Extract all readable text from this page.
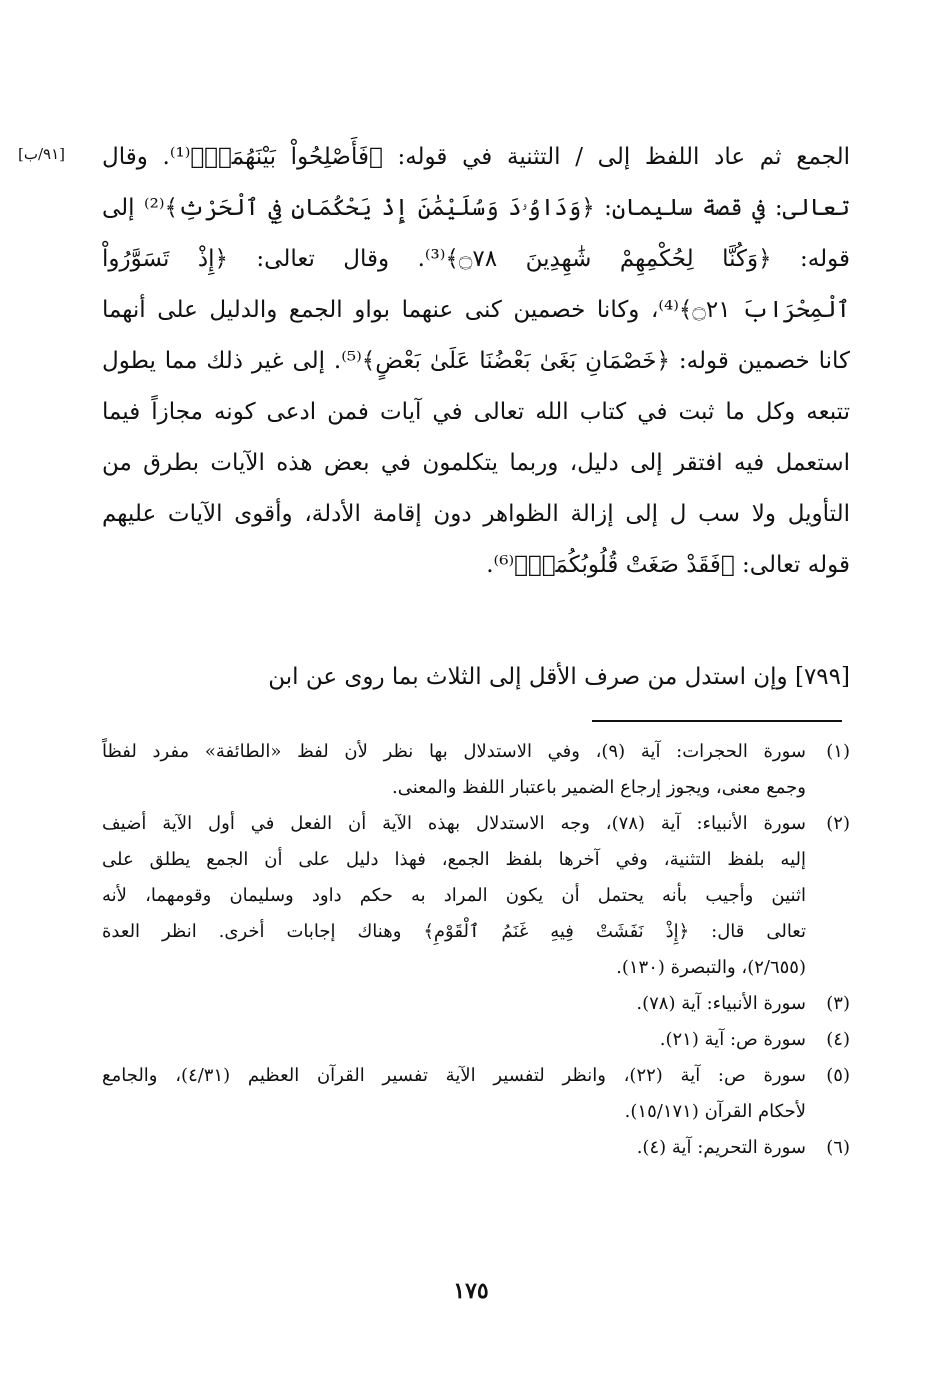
[٩١/ب] الجمع ثم عاد اللفظ إلى / التثنية في قوله: ﴿فَأَصْلِحُواْ بَيْنَهُمَاۖ﴾⁽¹⁾. وقال
تعالى: في قصة سليمان: ﴿وَدَاوُۥدَ وَسُلَيْمَٰنَ إِذْ يَحْكُمَانِ فِي ٱلْحَرْثِ﴾⁽²⁾ إلى
قوله: ﴿وَكُنَّا لِحُكْمِهِمْ شَٰهِدِينَ ۝٧٨﴾⁽³⁾. وقال تعالى: ﴿إِذْ تَسَوَّرُواْ
ٱلْمِحْرَابَ ۝٢١﴾⁽⁴⁾، وكانا خصمين كنى عنهما بواو الجمع والدليل على أنهما
كانا خصمين قوله: ﴿خَصْمَانِ بَغَىٰ بَعْضُنَا عَلَىٰ بَعْضٍ﴾⁽⁵⁾. إلى غير ذلك مما يطول
تتبعه وكل ما ثبت في كتاب الله تعالى في آيات فمن ادعى كونه مجازاً فيما
استعمل فيه افتقر إلى دليل، وربما يتكلمون في بعض هذه الآيات بطرق من
التأويل ولا سب ل إلى إزالة الظواهر دون إقامة الأدلة، وأقوى الآيات عليهم
قوله تعالى: ﴿فَقَدْ صَغَتْ قُلُوبُكُمَاۖ﴾⁽⁶⁾.
[٧٩٩] وإن استدل من صرف الأقل إلى الثلاث بما روى عن ابن
(١)
سورة الحجرات: آية (٩)، وفي الاستدلال بها نظر لأن لفظ «الطائفة» مفرد لفظاً
وجمع معنى، ويجوز إرجاع الضمير باعتبار اللفظ والمعنى.
(٢)
سورة الأنبياء: آية (٧٨)، وجه الاستدلال بهذه الآية أن الفعل في أول الآية أضيف
إليه بلفظ التثنية، وفي آخرها بلفظ الجمع، فهذا دليل على أن الجمع يطلق على
اثنين وأجيب بأنه يحتمل أن يكون المراد به حكم داود وسليمان وقومهما، لأنه
تعالى قال: ﴿إِذْ نَفَشَتْ فِيهِ غَنَمُ ٱلْقَوْمِ﴾ وهناك إجابات أخرى. انظر العدة
(٢/٦٥٥)، والتبصرة (١٣٠).
(٣)
سورة الأنبياء: آية (٧٨).
(٤)
سورة ص: آية (٢١).
(٥)
سورة ص: آية (٢٢)، وانظر لتفسير الآية تفسير القرآن العظيم (٤/٣١)، والجامع
لأحكام القرآن (١٥/١٧١).
(٦)
سورة التحريم: آية (٤).
١٧٥
